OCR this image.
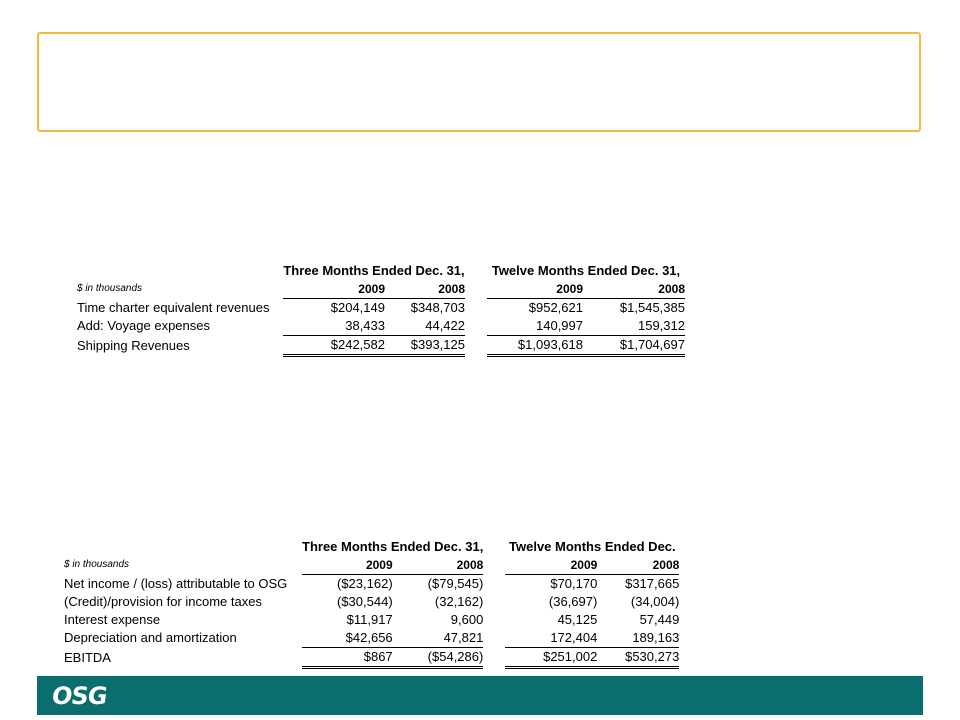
	Three Months Ended Dec. 31,			Twelve Months Ended Dec. 31,	
$ in thousands	2009	2008		2009	2008
Time charter equivalent revenues	$204,149	$348,703		$952,621	$1,545,385
Add: Voyage expenses	38,433	44,422		140,997	159,312
Shipping Revenues	$242,582	$393,125		$1,093,618	$1,704,697
	Three Months Ended Dec. 31,			Twelve Months Ended Dec.	
$ in thousands	2009	2008		2009	2008
Net income / (loss) attributable to OSG	($23,162)	($79,545)		$70,170	$317,665
(Credit)/provision for income taxes	($30,544)	(32,162)		(36,697)	(34,004)
Interest expense	$11,917	9,600		45,125	57,449
Depreciation and amortization	$42,656	47,821		172,404	189,163
EBITDA	$867	($54,286)		$251,002	$530,273
OSG
